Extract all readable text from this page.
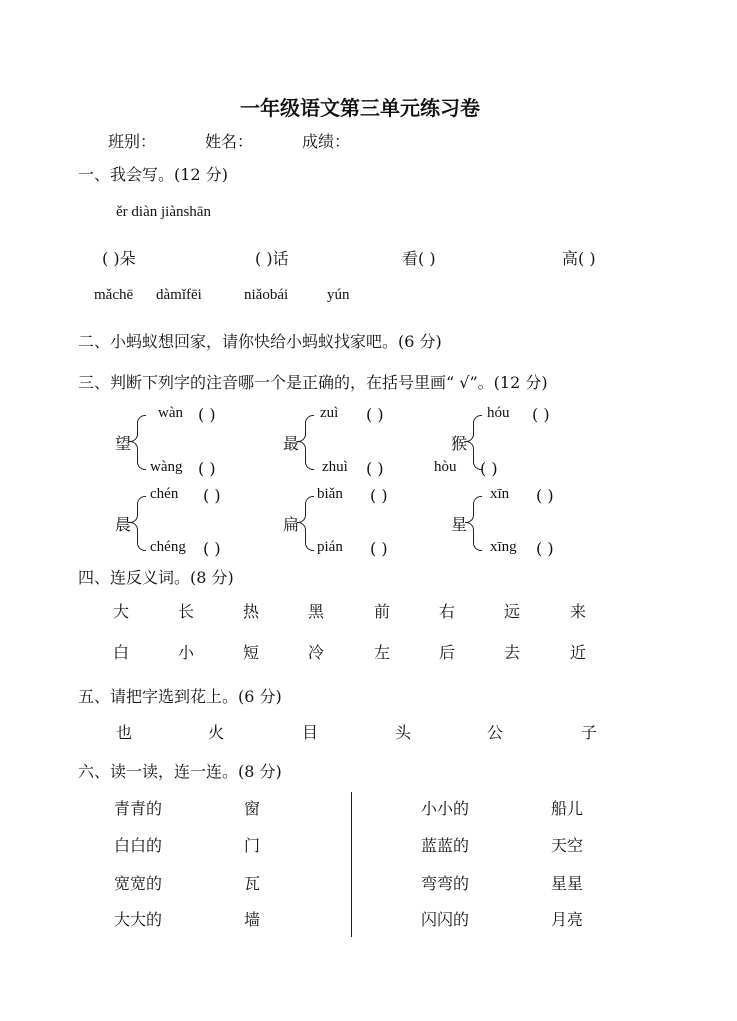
一年级语文第三单元练习卷
班别：	姓名：	成绩：
一、我会写。(12 分)
ěr diàn jiànshān
( )朵	( )话	看( )	高( )
mǎchē dàmǐfēi	niǎobái	yún
二、小蚂蚁想回家，请你快给小蚂蚁找家吧。(6 分)
三、判断下列字的注音哪一个是正确的，在括号里画“ √”。(12 分)
望
wàn ( )
wàng ( )
最
zuì ( )
zhuì ( )
猴
hóu ( )
hòu ( )
晨
chén ( )
chéng ( )
扁
biǎn ( )
pián ( )
星
xīn ( )
xīng ( )
四、连反义词。(8 分)
大	长	热	黑	前	右	远	来
白	小	短	冷	左	后	去	近
五、请把字选到花上。(6 分)
也	火	目	头	公	子
六、读一读，连一连。(8 分)
青青的	窗	小小的	船儿
白白的	门	蓝蓝的	天空
宽宽的	瓦	弯弯的	星星
大大的	墙	闪闪的	月亮
